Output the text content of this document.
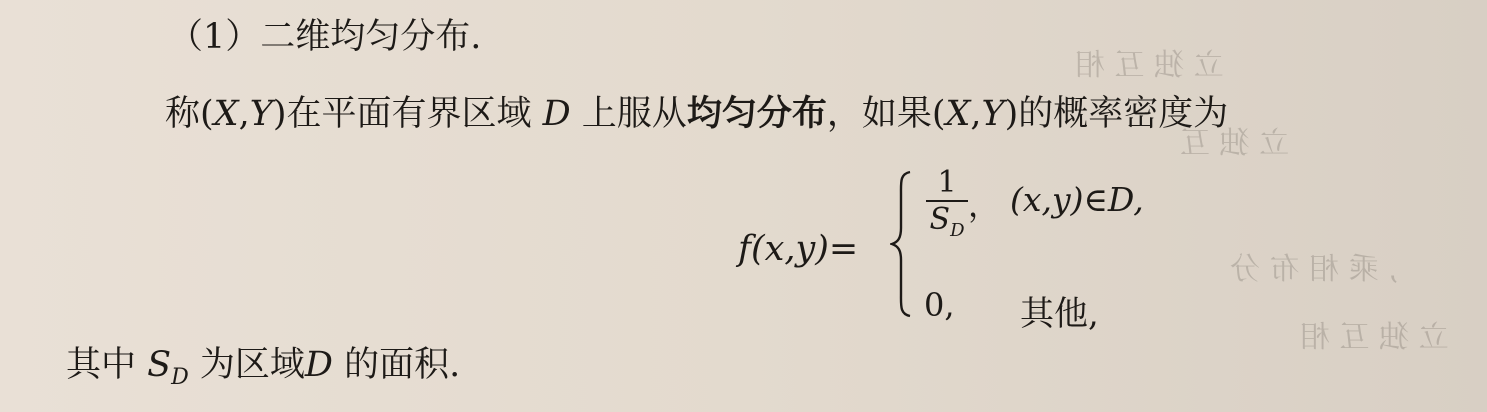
立 独 互 相
立 独 互
, 乘 相 布 分
立 独 互 相
（1）二维均匀分布.
称(X,Y)在平面有界区域 D 上服从均匀分布，如果(X,Y)的概率密度为
f(x,y)=
1
$S_D$
， (x,y)∈D,
0, 其他,
其中 $S_D$ 为区域D 的面积.
